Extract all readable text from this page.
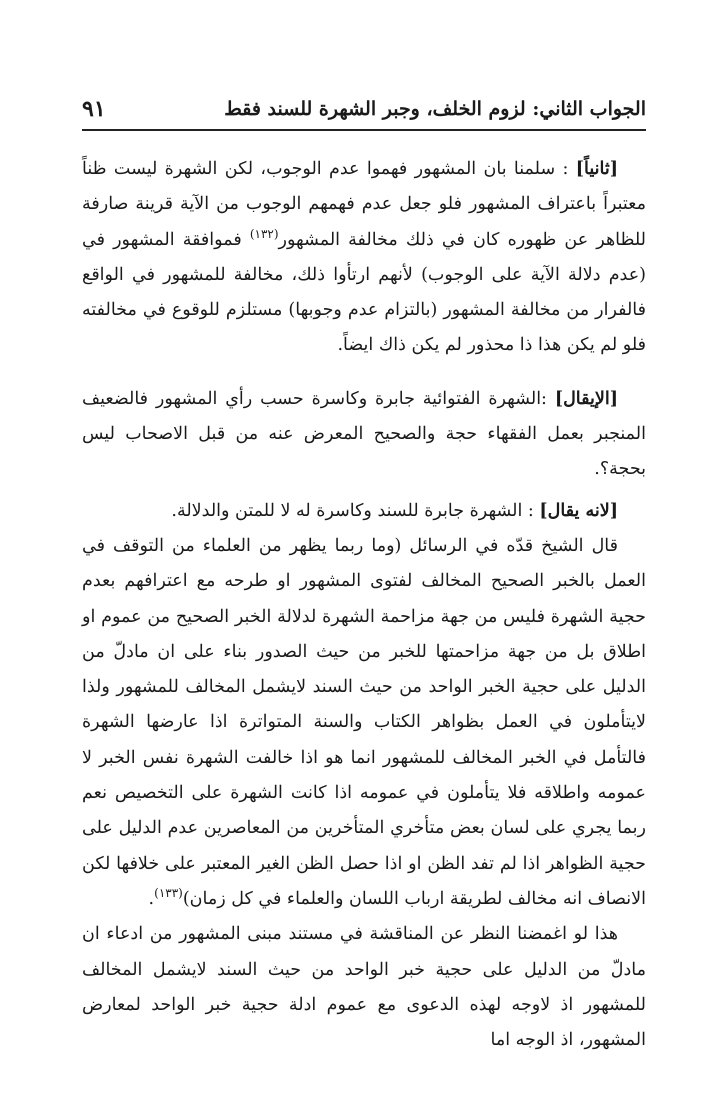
الجواب الثاني: لزوم الخلف، وجبر الشهرة للسند فقط
٩١

[ثانياً] : سلمنا بان المشهور فهموا عدم الوجوب، لكن الشهرة ليست ظناً معتبراً باعتراف المشهور فلو جعل عدم فهمهم الوجوب من الآية قرينة صارفة للظاهر عن ظهوره كان في ذلك مخالفة المشهور$^{(١٣٢)}$ فموافقة المشهور في (عدم دلالة الآية على الوجوب) لأنهم ارتأوا ذلك، مخالفة للمشهور في الواقع فالفرار من مخالفة المشهور (بالتزام عدم وجوبها) مستلزم للوقوع في مخالفته فلو لم يكن هذا ذا محذور لم يكن ذاك ايضاً.

[الإيقال] :الشهرة الفتوائية جابرة وكاسرة حسب رأي المشهور فالضعيف المنجبر بعمل الفقهاء حجة والصحيح المعرض عنه من قبل الاصحاب ليس بحجة؟.

[لانه يقال] : الشهرة جابرة للسند وكاسرة له لا للمتن والدلالة.

قال الشيخ قدّه في الرسائل (وما ربما يظهر من العلماء من التوقف في العمل بالخبر الصحيح المخالف لفتوى المشهور او طرحه مع اعترافهم بعدم حجية الشهرة فليس من جهة مزاحمة الشهرة لدلالة الخبر الصحيح من عموم او اطلاق بل من جهة مزاحمتها للخبر من حيث الصدور بناء على ان مادلّ من الدليل على حجية الخبر الواحد من حيث السند لايشمل المخالف للمشهور ولذا لايتأملون في العمل بظواهر الكتاب والسنة المتواترة اذا عارضها الشهرة فالتأمل في الخبر المخالف للمشهور انما هو اذا خالفت الشهرة نفس الخبر لا عمومه واطلاقه فلا يتأملون في عمومه اذا كانت الشهرة على التخصيص نعم ربما يجري على لسان بعض متأخري المتأخرين من المعاصرين عدم الدليل على حجية الظواهر اذا لم تفد الظن او اذا حصل الظن الغير المعتبر على خلافها لكن الانصاف انه مخالف لطريقة ارباب اللسان والعلماء في كل زمان)$^{(١٣٣)}$.

هذا لو اغمضنا النظر عن المناقشة في مستند مبنى المشهور من ادعاء ان مادلّ من الدليل على حجية خبر الواحد من حيث السند لايشمل المخالف للمشهور اذ لاوجه لهذه الدعوى مع عموم ادلة حجية خبر الواحد لمعارض المشهور، اذ الوجه اما
